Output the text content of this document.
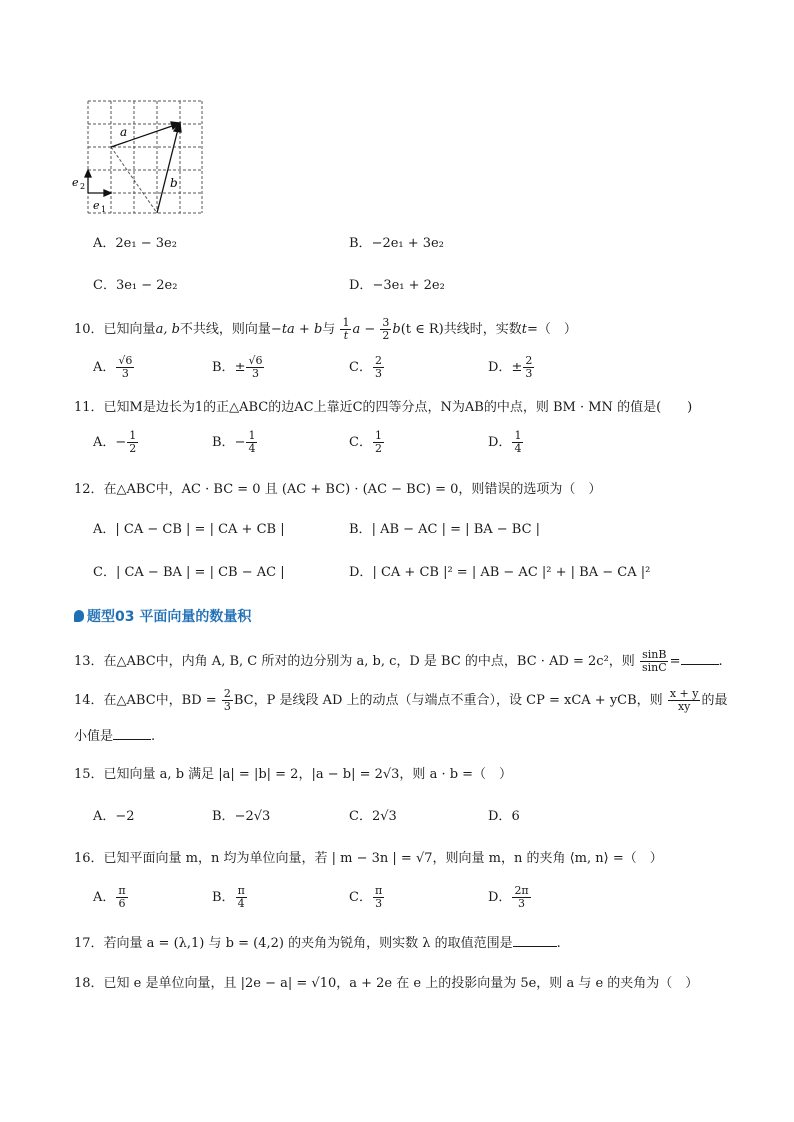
a
b
e 1
e 2
A．2e₁ − 3e₂	B．−2e₁ + 3e₂
C．3e₁ − 2e₂	D．−3e₁ + 2e₂
10．已知向量a, b不共线，则向量−ta + b与 $\frac{1}{t}$ $a - \frac{3}{2} b(t$ ∈ R)共线时，实数t=（　）
A． $\frac{√6}{3}$	B．± $\frac{√6}{3}$	C． $\frac{2}{3}$	D．± $\frac{2}{3}$
11．已知M是边长为1的正△ABC的边AC上靠近C的四等分点，N为AB的中点，则 BM · MN 的值是(　　)
A．− $\frac{1}{2}$	B．− $\frac{1}{4}$	C． $\frac{1}{2}$	D． $\frac{1}{4}$
12．在△ABC中，AC · BC = 0 且 (AC + BC) · (AC − BC) = 0，则错误的选项为（　）
A．| CA − CB | = | CA + CB |	B．| AB − AC | = | BA − BC |
C．| CA − BA | = | CB − AC |	D．| CA + CB |² = | AB − AC |² + | BA − CA |²
题型03 平面向量的数量积
13．在△ABC中，内角 A, B, C 所对的边分别为 a, b, c，D 是 BC 的中点，BC · AD = 2c²，则 $\frac{\sin B}{\sin C}$ =	.
14．在△ABC中，BD = $\frac{2}{3}$ BC，P 是线段 AD 上的动点（与端点不重合），设 CP = xCA + yCB，则 $\frac{x + y}{xy}$ 的最
小值是	.
15．已知向量 a, b 满足 |a| = |b| = 2，|a − b| = 2√3，则 a · b =（　）
A．−2	B．−2√3	C．2√3	D．6
16．已知平面向量 m，n 均为单位向量，若 | m − 3n | = √7，则向量 m，n 的夹角 ⟨m, n⟩ =（　）
A． $\frac{\pi}{6}$	B． $\frac{\pi}{4}$	C． $\frac{\pi}{3}$	D． $\frac{2\pi}{3}$
17．若向量 a = (λ,1) 与 b = (4,2) 的夹角为锐角，则实数 λ 的取值范围是	.
18．已知 e 是单位向量，且 |2e − a| = √10，a + 2e 在 e 上的投影向量为 5e，则 a 与 e 的夹角为（　）
